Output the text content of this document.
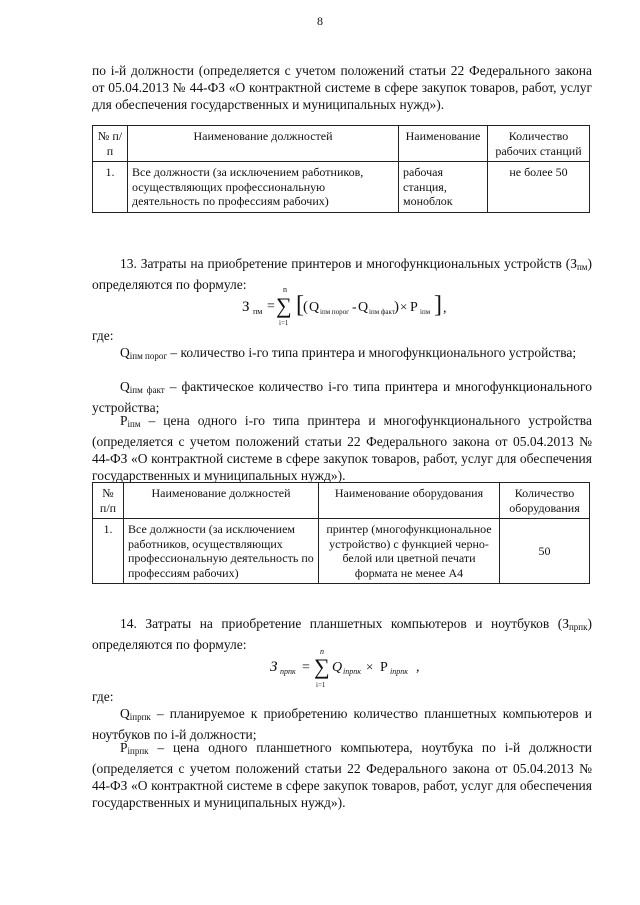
8

по i-й должности (определяется с учетом положений статьи 22 Федерального закона от 05.04.2013 № 44-ФЗ «О контрактной системе в сфере закупок товаров, работ, услуг для обеспечения государственных и муниципальных нужд»).

№ п/п	Наименование должностей	Наименование	Количество рабочих станций
1.	Все должности (за исключением работников, осуществляющих профессиональную деятельность по профессиям рабочих)	рабочая станция, моноблок	не более 50

13. Затраты на приобретение принтеров и многофункциональных устройств $(З_{пм})$ определяются по формуле:

З пм =
n
∑
i=1
[ ( Q iпм порог - Q iпм факт ) × P iпм ] ,

где:

$Q_{iпм порог}$ – количество i-го типа принтера и многофункционального устройства;

$Q_{iпм факт}$ – фактическое количество i-го типа принтера и многофункционального устройства;

$P_{iпм}$ – цена одного i-го типа принтера и многофункционального устройства (определяется с учетом положений статьи 22 Федерального закона от 05.04.2013 № 44-ФЗ «О контрактной системе в сфере закупок товаров, работ, услуг для обеспечения государственных и муниципальных нужд»).

№ п/п	Наименование должностей	Наименование оборудования	Количество оборудования
1.	Все должности (за исключением работников, осуществляющих профессиональную деятельность по профессиям рабочих)	принтер (многофункциональное устройство) с функцией черно-белой или цветной печати формата не менее А4	50

14. Затраты на приобретение планшетных компьютеров и ноутбуков $(З_{прпк})$ определяются по формуле:

З прпк =
n
∑
i=1
Q iпрпк × P iпрпк ,

где:

$Q_{iпрпк}$ – планируемое к приобретению количество планшетных компьютеров и ноутбуков по i-й должности;

$P_{iпрпк}$ – цена одного планшетного компьютера, ноутбука по i-й должности (определяется с учетом положений статьи 22 Федерального закона от 05.04.2013 № 44-ФЗ «О контрактной системе в сфере закупок товаров, работ, услуг для обеспечения государственных и муниципальных нужд»).
